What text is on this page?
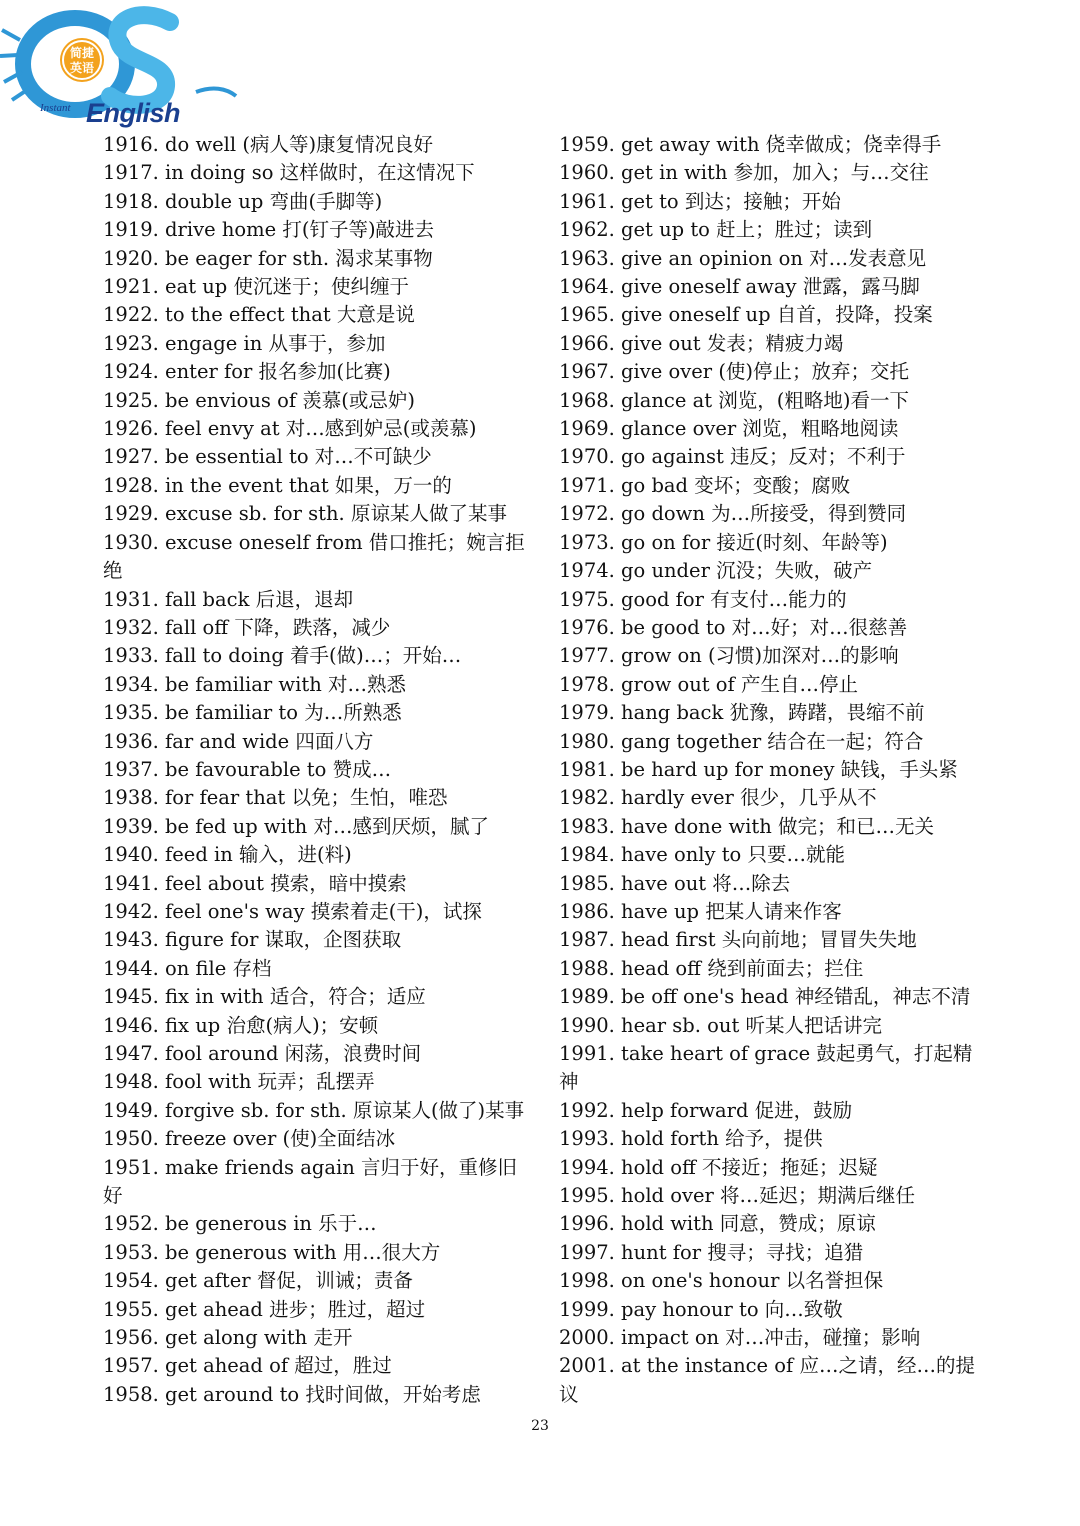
简捷英语
Instant English

1916. do well (病人等)康复情况良好

1917. in doing so 这样做时，在这情况下

1918. double up 弯曲(手脚等)

1919. drive home 打(钉子等)敲进去

1920. be eager for sth. 渴求某事物

1921. eat up 使沉迷于；使纠缠于

1922. to the effect that 大意是说

1923. engage in 从事于，参加

1924. enter for 报名参加(比赛)

1925. be envious of 羡慕(或忌妒)

1926. feel envy at 对…感到妒忌(或羡慕)

1927. be essential to 对…不可缺少

1928. in the event that 如果，万一的

1929. excuse sb. for sth. 原谅某人做了某事

1930. excuse oneself from 借口推托；婉言拒绝

1931. fall back 后退，退却

1932. fall off 下降，跌落，减少

1933. fall to doing 着手(做)…；开始…

1934. be familiar with 对…熟悉

1935. be familiar to 为…所熟悉

1936. far and wide 四面八方

1937. be favourable to 赞成…

1938. for fear that 以免；生怕，唯恐

1939. be fed up with 对…感到厌烦，腻了

1940. feed in 输入，进(料)

1941. feel about 摸索，暗中摸索

1942. feel one's way 摸索着走(干)，试探

1943. figure for 谋取，企图获取

1944. on file 存档

1945. fix in with 适合，符合；适应

1946. fix up 治愈(病人)；安顿

1947. fool around 闲荡，浪费时间

1948. fool with 玩弄；乱摆弄

1949. forgive sb. for sth. 原谅某人(做了)某事

1950. freeze over (使)全面结冰

1951. make friends again 言归于好，重修旧好

1952. be generous in 乐于…

1953. be generous with 用…很大方

1954. get after 督促，训诫；责备

1955. get ahead 进步；胜过，超过

1956. get along with 走开

1957. get ahead of 超过，胜过

1958. get around to 找时间做，开始考虑

1959. get away with 侥幸做成；侥幸得手

1960. get in with 参加，加入；与…交往

1961. get to 到达；接触；开始

1962. get up to 赶上；胜过；读到

1963. give an opinion on 对…发表意见

1964. give oneself away 泄露，露马脚

1965. give oneself up 自首，投降，投案

1966. give out 发表；精疲力竭

1967. give over (使)停止；放弃；交托

1968. glance at 浏览，(粗略地)看一下

1969. glance over 浏览，粗略地阅读

1970. go against 违反；反对；不利于

1971. go bad 变坏；变酸；腐败

1972. go down 为…所接受，得到赞同

1973. go on for 接近(时刻、年龄等)

1974. go under 沉没；失败，破产

1975. good for 有支付…能力的

1976. be good to 对…好；对…很慈善

1977. grow on (习惯)加深对…的影响

1978. grow out of 产生自…停止

1979. hang back 犹豫，踌躇，畏缩不前

1980. gang together 结合在一起；符合

1981. be hard up for money 缺钱，手头紧

1982. hardly ever 很少，几乎从不

1983. have done with 做完；和已…无关

1984. have only to 只要…就能

1985. have out 将…除去

1986. have up 把某人请来作客

1987. head first 头向前地；冒冒失失地

1988. head off 绕到前面去；拦住

1989. be off one's head 神经错乱，神志不清

1990. hear sb. out 听某人把话讲完

1991. take heart of grace 鼓起勇气，打起精神

1992. help forward 促进，鼓励

1993. hold forth 给予，提供

1994. hold off 不接近；拖延；迟疑

1995. hold over 将…延迟；期满后继任

1996. hold with 同意，赞成；原谅

1997. hunt for 搜寻；寻找；追猎

1998. on one's honour 以名誉担保

1999. pay honour to 向…致敬

2000. impact on 对…冲击，碰撞；影响

2001. at the instance of 应…之请，经…的提议

23
